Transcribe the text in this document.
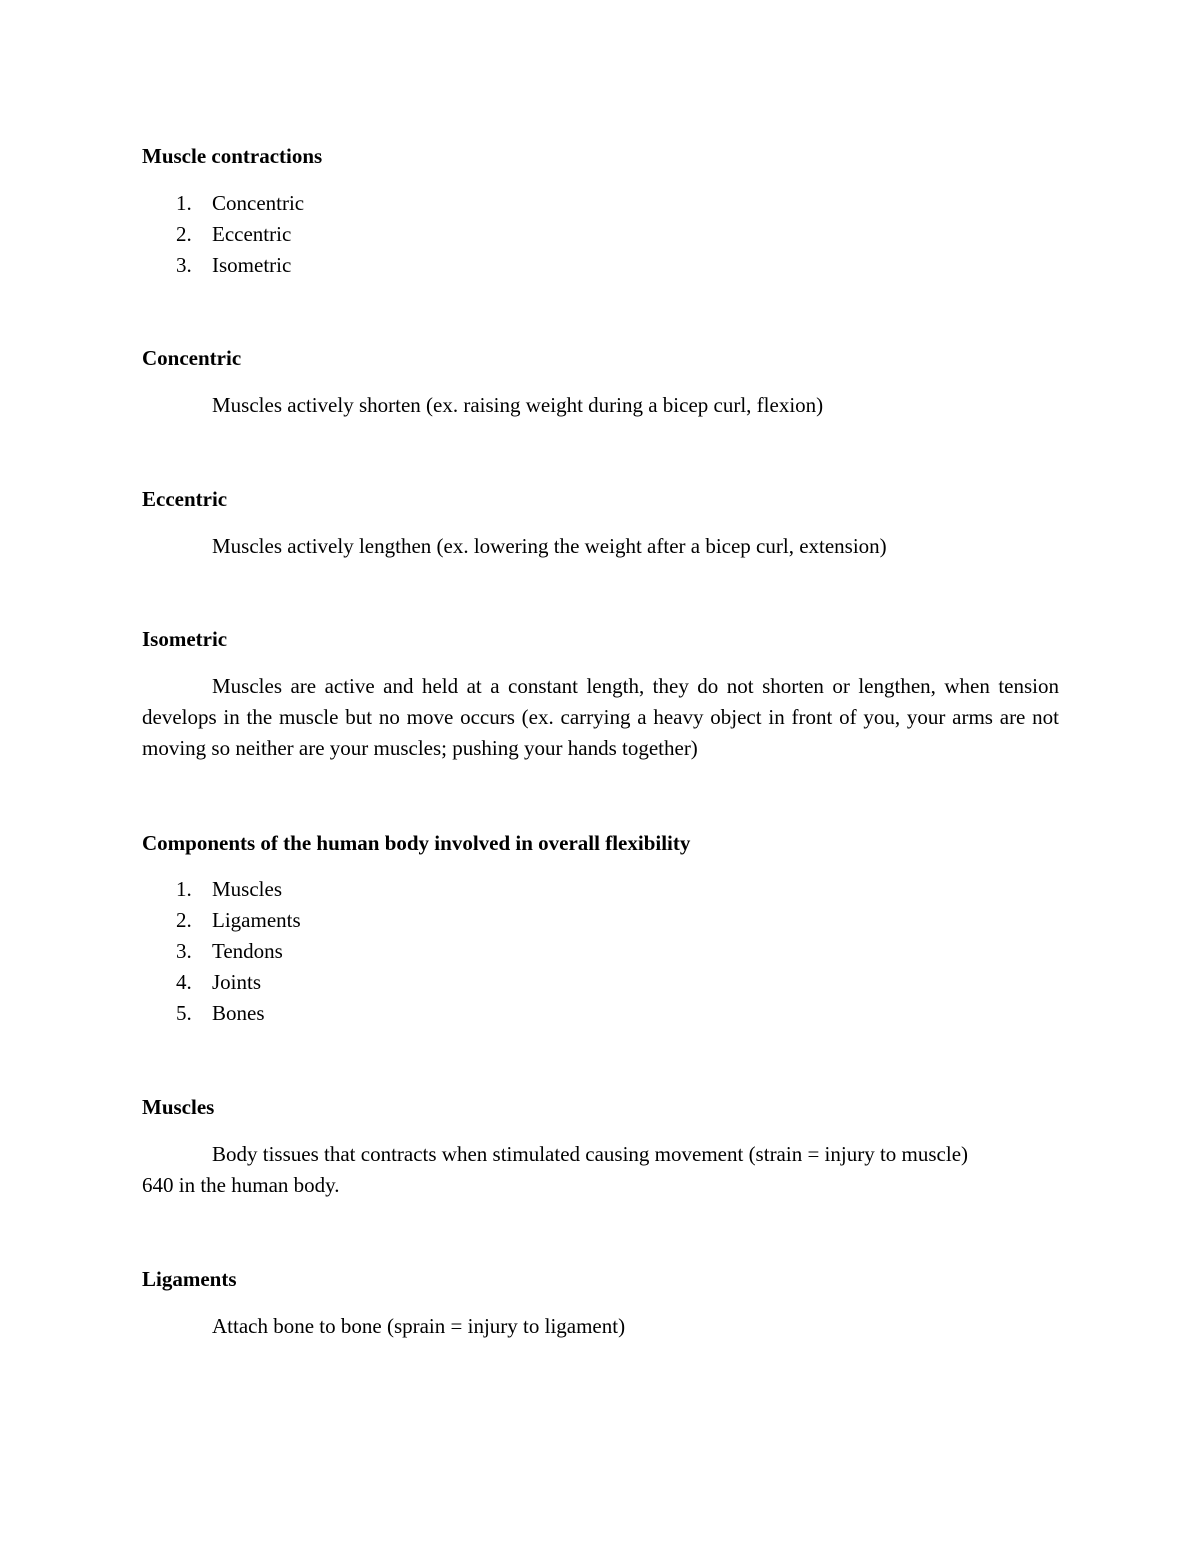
Muscle contractions
1. Concentric
2. Eccentric
3. Isometric
Concentric
Muscles actively shorten (ex. raising weight during a bicep curl, flexion)
Eccentric
Muscles actively lengthen (ex. lowering the weight after a bicep curl, extension)
Isometric
Muscles are active and held at a constant length, they do not shorten or lengthen, when tension develops in the muscle but no move occurs (ex. carrying a heavy object in front of you, your arms are not moving so neither are your muscles; pushing your hands together)
Components of the human body involved in overall flexibility
1. Muscles
2. Ligaments
3. Tendons
4. Joints
5. Bones
Muscles
Body tissues that contracts when stimulated causing movement (strain = injury to muscle)
640 in the human body.
Ligaments
Attach bone to bone (sprain = injury to ligament)
